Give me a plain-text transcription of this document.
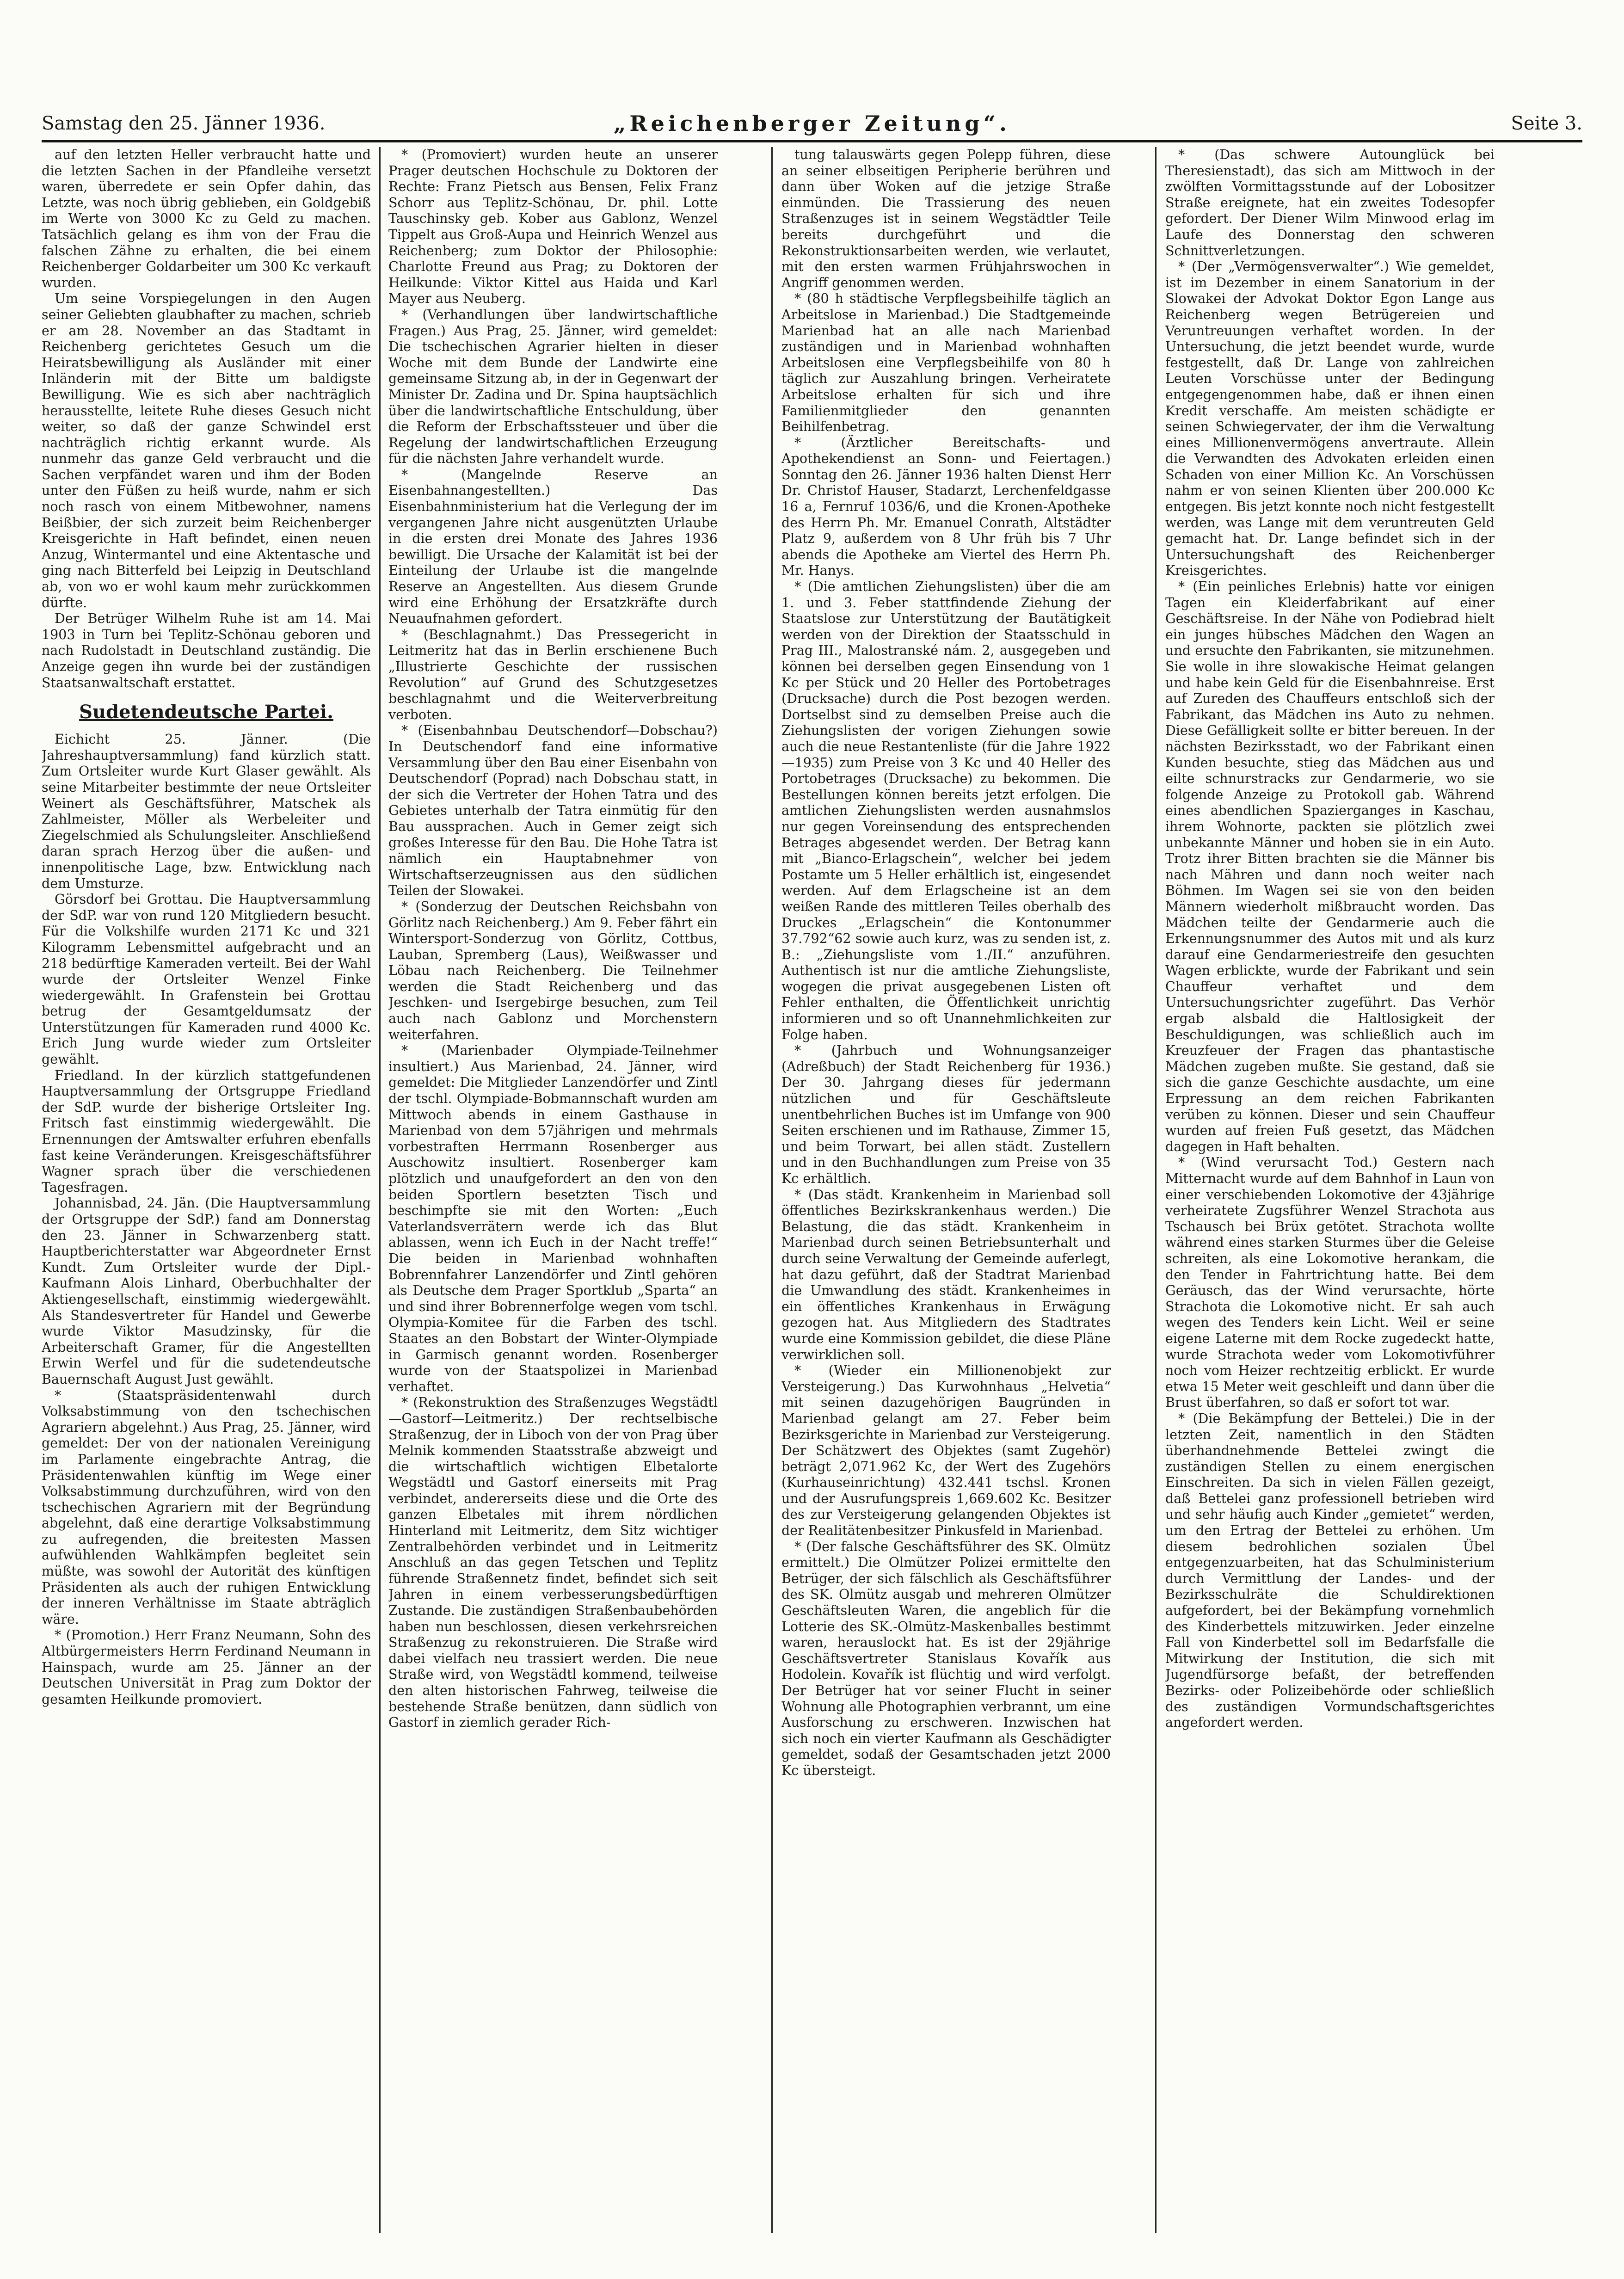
Samstag den 25. Jänner 1936.	„Reichenberger Zeitung“.	Seite 3.

auf den letzten Heller verbraucht hatte und die letzten Sachen in der Pfandleihe versetzt waren, überredete er sein Opfer dahin, das Letzte, was noch übrig geblieben, ein Goldgebiß im Werte von 3000 Kc zu Geld zu machen. Tatsächlich gelang es ihm von der Frau die falschen Zähne zu erhalten, die bei einem Reichenberger Goldarbeiter um 300 Kc verkauft wurden.

Um seine Vorspiegelungen in den Augen seiner Geliebten glaubhafter zu machen, schrieb er am 28. November an das Stadtamt in Reichenberg gerichtetes Gesuch um die Heiratsbewilligung als Ausländer mit einer Inländerin mit der Bitte um baldigste Bewilligung. Wie es sich aber nachträglich herausstellte, leitete Ruhe dieses Gesuch nicht weiter, so daß der ganze Schwindel erst nachträglich richtig erkannt wurde. Als nunmehr das ganze Geld verbraucht und die Sachen verpfändet waren und ihm der Boden unter den Füßen zu heiß wurde, nahm er sich noch rasch von einem Mitbewohner, namens Beißbier, der sich zurzeit beim Reichenberger Kreisgerichte in Haft befindet, einen neuen Anzug, Wintermantel und eine Aktentasche und ging nach Bitterfeld bei Leipzig in Deutschland ab, von wo er wohl kaum mehr zurückkommen dürfte.

Der Betrüger Wilhelm Ruhe ist am 14. Mai 1903 in Turn bei Teplitz-Schönau geboren und nach Rudolstadt in Deutschland zuständig. Die Anzeige gegen ihn wurde bei der zuständigen Staatsanwaltschaft erstattet.

Sudetendeutsche Partei.

Eichicht 25. Jänner. (Die Jahreshauptversammlung) fand kürzlich statt. Zum Ortsleiter wurde Kurt Glaser gewählt. Als seine Mitarbeiter bestimmte der neue Ortsleiter Weinert als Geschäftsführer, Matschek als Zahlmeister, Möller als Werbeleiter und Ziegelschmied als Schulungsleiter. Anschließend daran sprach Herzog über die außen- und innenpolitische Lage, bzw. Entwicklung nach dem Umsturze.

Görsdorf bei Grottau. Die Hauptversammlung der SdP. war von rund 120 Mitgliedern besucht. Für die Volkshilfe wurden 2171 Kc und 321 Kilogramm Lebensmittel aufgebracht und an 218 bedürftige Kameraden verteilt. Bei der Wahl wurde der Ortsleiter Wenzel Finke wiedergewählt. In Grafenstein bei Grottau betrug der Gesamtgeldumsatz der Unterstützungen für Kameraden rund 4000 Kc. Erich Jung wurde wieder zum Ortsleiter gewählt.

Friedland. In der kürzlich stattgefundenen Hauptversammlung der Ortsgruppe Friedland der SdP. wurde der bisherige Ortsleiter Ing. Fritsch fast einstimmig wiedergewählt. Die Ernennungen der Amtswalter erfuhren ebenfalls fast keine Veränderungen. Kreisgeschäftsführer Wagner sprach über die verschiedenen Tagesfragen.

Johannisbad, 24. Jän. (Die Hauptversammlung der Ortsgruppe der SdP.) fand am Donnerstag den 23. Jänner in Schwarzenberg statt. Hauptberichterstatter war Abgeordneter Ernst Kundt. Zum Ortsleiter wurde der Dipl.-Kaufmann Alois Linhard, Oberbuchhalter der Aktiengesellschaft, einstimmig wiedergewählt. Als Standesvertreter für Handel und Gewerbe wurde Viktor Masudzinsky, für die Arbeiterschaft Gramer, für die Angestellten Erwin Werfel und für die sudetendeutsche Bauernschaft August Just gewählt.

* (Staatspräsidentenwahl durch Volksabstimmung von den tschechischen Agrariern abgelehnt.) Aus Prag, 25. Jänner, wird gemeldet: Der von der nationalen Vereinigung im Parlamente eingebrachte Antrag, die Präsidentenwahlen künftig im Wege einer Volksabstimmung durchzuführen, wird von den tschechischen Agrariern mit der Begründung abgelehnt, daß eine derartige Volksabstimmung zu aufregenden, die breitesten Massen aufwühlenden Wahlkämpfen begleitet sein müßte, was sowohl der Autorität des künftigen Präsidenten als auch der ruhigen Entwicklung der inneren Verhältnisse im Staate abträglich wäre.

* (Promotion.) Herr Franz Neumann, Sohn des Altbürgermeisters Herrn Ferdinand Neumann in Hainspach, wurde am 25. Jänner an der Deutschen Universität in Prag zum Doktor der gesamten Heilkunde promoviert.

* (Promoviert) wurden heute an unserer Prager deutschen Hochschule zu Doktoren der Rechte: Franz Pietsch aus Bensen, Felix Franz Schorr aus Teplitz-Schönau, Dr. phil. Lotte Tauschinsky geb. Kober aus Gablonz, Wenzel Tippelt aus Groß-Aupa und Heinrich Wenzel aus Reichenberg; zum Doktor der Philosophie: Charlotte Freund aus Prag; zu Doktoren der Heilkunde: Viktor Kittel aus Haida und Karl Mayer aus Neuberg.

* (Verhandlungen über landwirtschaftliche Fragen.) Aus Prag, 25. Jänner, wird gemeldet: Die tschechischen Agrarier hielten in dieser Woche mit dem Bunde der Landwirte eine gemeinsame Sitzung ab, in der in Gegenwart der Minister Dr. Zadina und Dr. Spina hauptsächlich über die landwirtschaftliche Entschuldung, über die Reform der Erbschaftssteuer und über die Regelung der landwirtschaftlichen Erzeugung für die nächsten Jahre verhandelt wurde.

* (Mangelnde Reserve an Eisenbahnangestellten.) Das Eisenbahnministerium hat die Verlegung der im vergangenen Jahre nicht ausgenützten Urlaube in die ersten drei Monate des Jahres 1936 bewilligt. Die Ursache der Kalamität ist bei der Einteilung der Urlaube ist die mangelnde Reserve an Angestellten. Aus diesem Grunde wird eine Erhöhung der Ersatzkräfte durch Neuaufnahmen gefordert.

* (Beschlagnahmt.) Das Pressegericht in Leitmeritz hat das in Berlin erschienene Buch „Illustrierte Geschichte der russischen Revolution“ auf Grund des Schutzgesetzes beschlagnahmt und die Weiterverbreitung verboten.

* (Eisenbahnbau Deutschendorf—Dobschau?) In Deutschendorf fand eine informative Versammlung über den Bau einer Eisenbahn von Deutschendorf (Poprad) nach Dobschau statt, in der sich die Vertreter der Hohen Tatra und des Gebietes unterhalb der Tatra einmütig für den Bau aussprachen. Auch in Gemer zeigt sich großes Interesse für den Bau. Die Hohe Tatra ist nämlich ein Hauptabnehmer von Wirtschaftserzeugnissen aus den südlichen Teilen der Slowakei.

* (Sonderzug der Deutschen Reichsbahn von Görlitz nach Reichenberg.) Am 9. Feber fährt ein Wintersport-Sonderzug von Görlitz, Cottbus, Lauban, Spremberg (Laus), Weißwasser und Löbau nach Reichenberg. Die Teilnehmer werden die Stadt Reichenberg und das Jeschken- und Isergebirge besuchen, zum Teil auch nach Gablonz und Morchenstern weiterfahren.

* (Marienbader Olympiade-Teilnehmer insultiert.) Aus Marienbad, 24. Jänner, wird gemeldet: Die Mitglieder Lanzendörfer und Zintl der tschl. Olympiade-Bobmannschaft wurden am Mittwoch abends in einem Gasthause in Marienbad von dem 57jährigen und mehrmals vorbestraften Herrmann Rosenberger aus Auschowitz insultiert. Rosenberger kam plötzlich und unaufgefordert an den von den beiden Sportlern besetzten Tisch und beschimpfte sie mit den Worten: „Euch Vaterlandsverrätern werde ich das Blut ablassen, wenn ich Euch in der Nacht treffe!“ Die beiden in Marienbad wohnhaften Bobrennfahrer Lanzendörfer und Zintl gehören als Deutsche dem Prager Sportklub „Sparta“ an und sind ihrer Bobrennerfolge wegen vom tschl. Olympia-Komitee für die Farben des tschl. Staates an den Bobstart der Winter-Olympiade in Garmisch genannt worden. Rosenberger wurde von der Staatspolizei in Marienbad verhaftet.

* (Rekonstruktion des Straßenzuges Wegstädtl—Gastorf—Leitmeritz.) Der rechtselbische Straßenzug, der in Liboch von der von Prag über Melnik kommenden Staatsstraße abzweigt und die wirtschaftlich wichtigen Elbetalorte Wegstädtl und Gastorf einerseits mit Prag verbindet, andererseits diese und die Orte des ganzen Elbetales mit ihrem nördlichen Hinterland mit Leitmeritz, dem Sitz wichtiger Zentralbehörden verbindet und in Leitmeritz Anschluß an das gegen Tetschen und Teplitz führende Straßennetz findet, befindet sich seit Jahren in einem verbesserungsbedürftigen Zustande. Die zuständigen Straßenbaubehörden haben nun beschlossen, diesen verkehrsreichen Straßenzug zu rekonstruieren. Die Straße wird dabei vielfach neu trassiert werden. Die neue Straße wird, von Wegstädtl kommend, teilweise den alten historischen Fahrweg, teilweise die bestehende Straße benützen, dann südlich von Gastorf in ziemlich gerader Rich-

tung talauswärts gegen Polepp führen, diese an seiner elbseitigen Peripherie berühren und dann über Woken auf die jetzige Straße einmünden. Die Trassierung des neuen Straßenzuges ist in seinem Wegstädtler Teile bereits durchgeführt und die Rekonstruktionsarbeiten werden, wie verlautet, mit den ersten warmen Frühjahrswochen in Angriff genommen werden.

* (80 h städtische Verpflegsbeihilfe täglich an Arbeitslose in Marienbad.) Die Stadtgemeinde Marienbad hat an alle nach Marienbad zuständigen und in Marienbad wohnhaften Arbeitslosen eine Verpflegsbeihilfe von 80 h täglich zur Auszahlung bringen. Verheiratete Arbeitslose erhalten für sich und ihre Familienmitglieder den genannten Beihilfenbetrag.

* (Ärztlicher Bereitschafts- und Apothekendienst an Sonn- und Feiertagen.) Sonntag den 26. Jänner 1936 halten Dienst Herr Dr. Christof Hauser, Stadarzt, Lerchenfeldgasse 16 a, Fernruf 1036/6, und die Kronen-Apotheke des Herrn Ph. Mr. Emanuel Conrath, Altstädter Platz 9, außerdem von 8 Uhr früh bis 7 Uhr abends die Apotheke am Viertel des Herrn Ph. Mr. Hanys.

* (Die amtlichen Ziehungslisten) über die am 1. und 3. Feber stattfindende Ziehung der Staatslose zur Unterstützung der Bautätigkeit werden von der Direktion der Staatsschuld in Prag III., Malostranské nám. 2, ausgegeben und können bei derselben gegen Einsendung von 1 Kc per Stück und 20 Heller des Portobetrages (Drucksache) durch die Post bezogen werden. Dortselbst sind zu demselben Preise auch die Ziehungslisten der vorigen Ziehungen sowie auch die neue Restantenliste (für die Jahre 1922—1935) zum Preise von 3 Kc und 40 Heller des Portobetrages (Drucksache) zu bekommen. Die Bestellungen können bereits jetzt erfolgen. Die amtlichen Ziehungslisten werden ausnahmslos nur gegen Voreinsendung des entsprechenden Betrages abgesendet werden. Der Betrag kann mit „Bianco-Erlagschein“, welcher bei jedem Postamte um 5 Heller erhältlich ist, eingesendet werden. Auf dem Erlagscheine ist an dem weißen Rande des mittleren Teiles oberhalb des Druckes „Erlagschein“ die Kontonummer 37.792“62 sowie auch kurz, was zu senden ist, z. B.: „Ziehungsliste vom 1./II.“ anzuführen. Authentisch ist nur die amtliche Ziehungsliste, wogegen die privat ausgegebenen Listen oft Fehler enthalten, die Öffentlichkeit unrichtig informieren und so oft Unannehmlichkeiten zur Folge haben.

* (Jahrbuch und Wohnungsanzeiger (Adreßbuch) der Stadt Reichenberg für 1936.) Der 30. Jahrgang dieses für jedermann nützlichen und für Geschäftsleute unentbehrlichen Buches ist im Umfange von 900 Seiten erschienen und im Rathause, Zimmer 15, und beim Torwart, bei allen städt. Zustellern und in den Buchhandlungen zum Preise von 35 Kc erhältlich.

* (Das städt. Krankenheim in Marienbad soll öffentliches Bezirkskrankenhaus werden.) Die Belastung, die das städt. Krankenheim in Marienbad durch seinen Betriebsunterhalt und durch seine Verwaltung der Gemeinde auferlegt, hat dazu geführt, daß der Stadtrat Marienbad die Umwandlung des städt. Krankenheimes in ein öffentliches Krankenhaus in Erwägung gezogen hat. Aus Mitgliedern des Stadtrates wurde eine Kommission gebildet, die diese Pläne verwirklichen soll.

* (Wieder ein Millionenobjekt zur Versteigerung.) Das Kurwohnhaus „Helvetia“ mit seinen dazugehörigen Baugründen in Marienbad gelangt am 27. Feber beim Bezirksgerichte in Marienbad zur Versteigerung. Der Schätzwert des Objektes (samt Zugehör) beträgt 2,071.962 Kc, der Wert des Zugehörs (Kurhauseinrichtung) 432.441 tschsl. Kronen und der Ausrufungspreis 1,669.602 Kc. Besitzer des zur Versteigerung gelangenden Objektes ist der Realitätenbesitzer Pinkusfeld in Marienbad.

* (Der falsche Geschäftsführer des SK. Olmütz ermittelt.) Die Olmützer Polizei ermittelte den Betrüger, der sich fälschlich als Geschäftsführer des SK. Olmütz ausgab und mehreren Olmützer Geschäftsleuten Waren, die angeblich für die Lotterie des SK.-Olmütz-Maskenballes bestimmt waren, herauslockt hat. Es ist der 29jährige Geschäftsvertreter Stanislaus Kovařík aus Hodolein. Kovařík ist flüchtig und wird verfolgt. Der Betrüger hat vor seiner Flucht in seiner Wohnung alle Photographien verbrannt, um eine Ausforschung zu erschweren. Inzwischen hat sich noch ein vierter Kaufmann als Geschädigter gemeldet, sodaß der Gesamtschaden jetzt 2000 Kc übersteigt.

* (Das schwere Autounglück bei Theresienstadt), das sich am Mittwoch in der zwölften Vormittagsstunde auf der Lobositzer Straße ereignete, hat ein zweites Todesopfer gefordert. Der Diener Wilm Minwood erlag im Laufe des Donnerstag den schweren Schnittverletzungen.

* (Der „Vermögensverwalter“.) Wie gemeldet, ist im Dezember in einem Sanatorium in der Slowakei der Advokat Doktor Egon Lange aus Reichenberg wegen Betrügereien und Veruntreuungen verhaftet worden. In der Untersuchung, die jetzt beendet wurde, wurde festgestellt, daß Dr. Lange von zahlreichen Leuten Vorschüsse unter der Bedingung entgegengenommen habe, daß er ihnen einen Kredit verschaffe. Am meisten schädigte er seinen Schwiegervater, der ihm die Verwaltung eines Millionenvermögens anvertraute. Allein die Verwandten des Advokaten erleiden einen Schaden von einer Million Kc. An Vorschüssen nahm er von seinen Klienten über 200.000 Kc entgegen. Bis jetzt konnte noch nicht festgestellt werden, was Lange mit dem veruntreuten Geld gemacht hat. Dr. Lange befindet sich in der Untersuchungshaft des Reichenberger Kreisgerichtes.

* (Ein peinliches Erlebnis) hatte vor einigen Tagen ein Kleiderfabrikant auf einer Geschäftsreise. In der Nähe von Podiebrad hielt ein junges hübsches Mädchen den Wagen an und ersuchte den Fabrikanten, sie mitzunehmen. Sie wolle in ihre slowakische Heimat gelangen und habe kein Geld für die Eisenbahnreise. Erst auf Zureden des Chauffeurs entschloß sich der Fabrikant, das Mädchen ins Auto zu nehmen. Diese Gefälligkeit sollte er bitter bereuen. In der nächsten Bezirksstadt, wo der Fabrikant einen Kunden besuchte, stieg das Mädchen aus und eilte schnurstracks zur Gendarmerie, wo sie folgende Anzeige zu Protokoll gab. Während eines abendlichen Spazierganges in Kaschau, ihrem Wohnorte, packten sie plötzlich zwei unbekannte Männer und hoben sie in ein Auto. Trotz ihrer Bitten brachten sie die Männer bis nach Mähren und dann noch weiter nach Böhmen. Im Wagen sei sie von den beiden Männern wiederholt mißbraucht worden. Das Mädchen teilte der Gendarmerie auch die Erkennungsnummer des Autos mit und als kurz darauf eine Gendarmeriestreife den gesuchten Wagen erblickte, wurde der Fabrikant und sein Chauffeur verhaftet und dem Untersuchungsrichter zugeführt. Das Verhör ergab alsbald die Haltlosigkeit der Beschuldigungen, was schließlich auch im Kreuzfeuer der Fragen das phantastische Mädchen zugeben mußte. Sie gestand, daß sie sich die ganze Geschichte ausdachte, um eine Erpressung an dem reichen Fabrikanten verüben zu können. Dieser und sein Chauffeur wurden auf freien Fuß gesetzt, das Mädchen dagegen in Haft behalten.

* (Wind verursacht Tod.) Gestern nach Mitternacht wurde auf dem Bahnhof in Laun von einer verschiebenden Lokomotive der 43jährige verheiratete Zugsführer Wenzel Strachota aus Tschausch bei Brüx getötet. Strachota wollte während eines starken Sturmes über die Geleise schreiten, als eine Lokomotive herankam, die den Tender in Fahrtrichtung hatte. Bei dem Geräusch, das der Wind verursachte, hörte Strachota die Lokomotive nicht. Er sah auch wegen des Tenders kein Licht. Weil er seine eigene Laterne mit dem Rocke zugedeckt hatte, wurde Strachota weder vom Lokomotivführer noch vom Heizer rechtzeitig erblickt. Er wurde etwa 15 Meter weit geschleift und dann über die Brust überfahren, so daß er sofort tot war.

* (Die Bekämpfung der Bettelei.) Die in der letzten Zeit, namentlich in den Städten überhandnehmende Bettelei zwingt die zuständigen Stellen zu einem energischen Einschreiten. Da sich in vielen Fällen gezeigt, daß Bettelei ganz professionell betrieben wird und sehr häufig auch Kinder „gemietet“ werden, um den Ertrag der Bettelei zu erhöhen. Um diesem bedrohlichen sozialen Übel entgegenzuarbeiten, hat das Schulministerium durch Vermittlung der Landes- und der Bezirksschulräte die Schuldirektionen aufgefordert, bei der Bekämpfung vornehmlich des Kinderbettels mitzuwirken. Jeder einzelne Fall von Kinderbettel soll im Bedarfsfalle die Mitwirkung der Institution, die sich mit Jugendfürsorge befaßt, der betreffenden Bezirks- oder Polizeibehörde oder schließlich des zuständigen Vormundschaftsgerichtes angefordert werden.
